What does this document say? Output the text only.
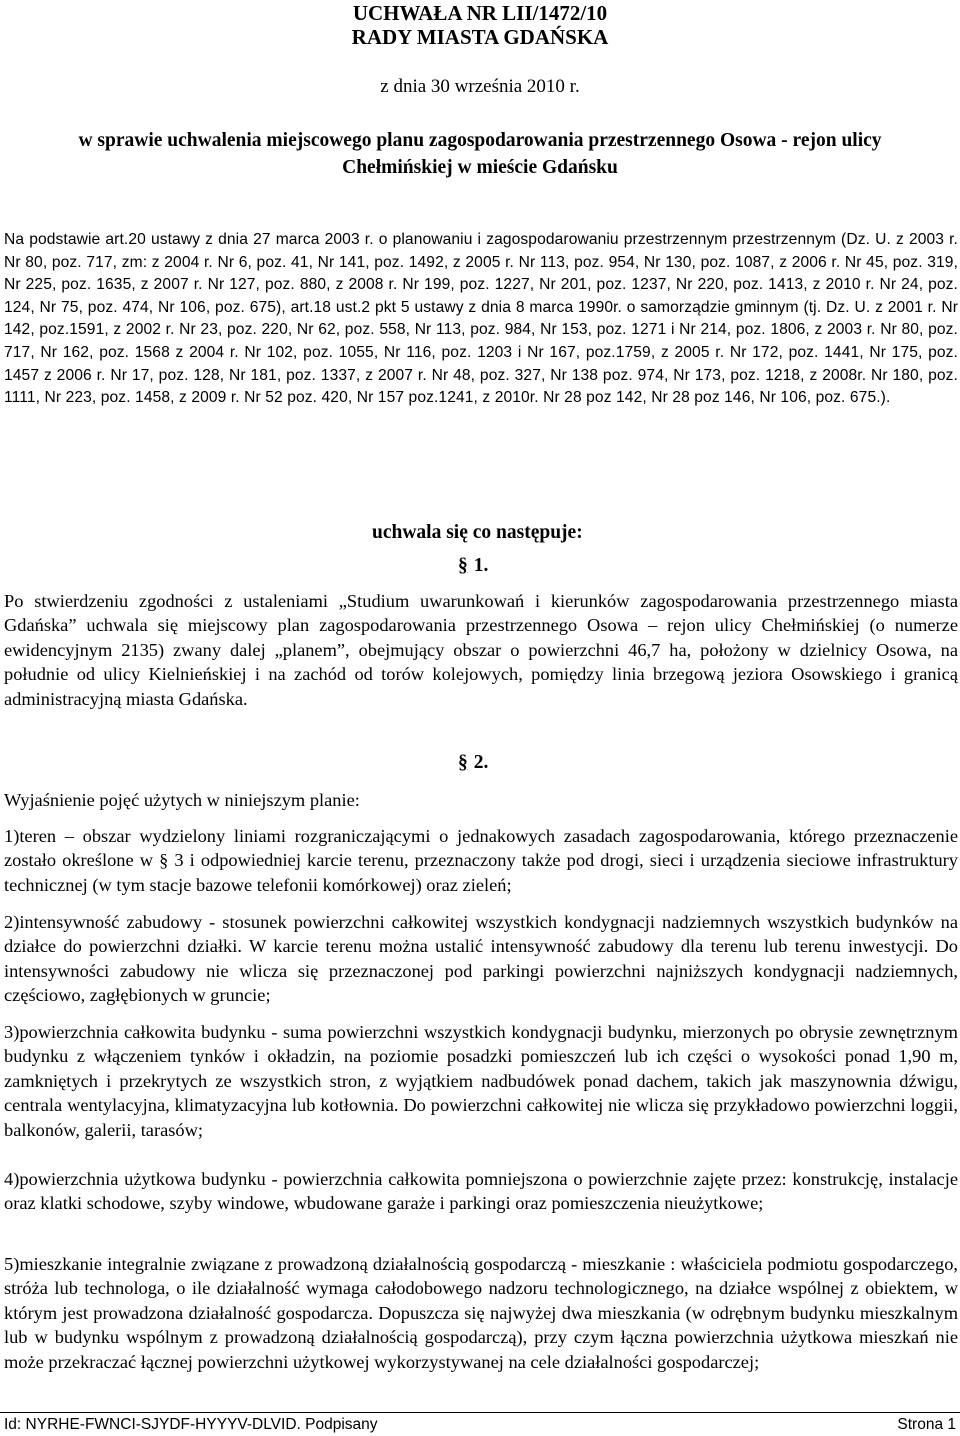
UCHWAŁA NR LII/1472/10
RADY MIASTA GDAŃSKA
z dnia 30 września 2010 r.
w sprawie uchwalenia miejscowego planu zagospodarowania przestrzennego Osowa - rejon ulicy Chełmińskiej w mieście Gdańsku
Na podstawie art.20 ustawy z dnia 27 marca 2003 r. o planowaniu i zagospodarowaniu przestrzennym przestrzennym (Dz. U. z 2003 r. Nr 80, poz. 717, zm: z 2004 r. Nr 6, poz. 41, Nr 141, poz. 1492, z 2005 r. Nr 113, poz. 954, Nr 130, poz. 1087, z 2006 r. Nr 45, poz. 319, Nr 225, poz. 1635, z 2007 r. Nr 127, poz. 880, z 2008 r. Nr 199, poz. 1227, Nr 201, poz. 1237, Nr 220, poz. 1413, z 2010 r. Nr 24, poz. 124, Nr 75, poz. 474, Nr 106, poz. 675), art.18 ust.2 pkt 5 ustawy z dnia 8 marca 1990r. o samorządzie gminnym (tj. Dz. U. z 2001 r. Nr 142, poz.1591, z 2002 r. Nr 23, poz. 220, Nr 62, poz. 558, Nr 113, poz. 984, Nr 153, poz. 1271 i Nr 214, poz. 1806, z 2003 r. Nr 80, poz. 717, Nr 162, poz. 1568 z 2004 r. Nr 102, poz. 1055, Nr 116, poz. 1203 i Nr 167, poz.1759, z 2005 r. Nr 172, poz. 1441, Nr 175, poz. 1457 z 2006 r. Nr 17, poz. 128, Nr 181, poz. 1337, z 2007 r. Nr 48, poz. 327, Nr 138 poz. 974, Nr 173, poz. 1218, z 2008r. Nr 180, poz. 1111, Nr 223, poz. 1458, z 2009 r. Nr 52 poz. 420, Nr 157 poz.1241, z 2010r. Nr 28 poz 142, Nr 28 poz 146, Nr 106, poz. 675.).
uchwala się co następuje:
§ 1.
Po stwierdzeniu zgodności z ustaleniami „Studium uwarunkowań i kierunków zagospodarowania przestrzennego miasta Gdańska” uchwala się miejscowy plan zagospodarowania przestrzennego Osowa – rejon ulicy Chełmińskiej (o numerze ewidencyjnym 2135) zwany dalej „planem”, obejmujący obszar o powierzchni 46,7 ha, położony w dzielnicy Osowa, na południe od ulicy Kielnieńskiej i na zachód od torów kolejowych, pomiędzy linia brzegową jeziora Osowskiego i granicą administracyjną miasta Gdańska.
§ 2.
Wyjaśnienie pojęć użytych w niniejszym planie:
1)teren – obszar wydzielony liniami rozgraniczającymi o jednakowych zasadach zagospodarowania, którego przeznaczenie zostało określone w § 3 i odpowiedniej karcie terenu, przeznaczony także pod drogi, sieci i urządzenia sieciowe infrastruktury technicznej (w tym stacje bazowe telefonii komórkowej) oraz zieleń;
2)intensywność zabudowy - stosunek powierzchni całkowitej wszystkich kondygnacji nadziemnych wszystkich budynków na działce do powierzchni działki. W karcie terenu można ustalić intensywność zabudowy dla terenu lub terenu inwestycji. Do intensywności zabudowy nie wlicza się przeznaczonej pod parkingi powierzchni najniższych kondygnacji nadziemnych, częściowo, zagłębionych w gruncie;
3)powierzchnia całkowita budynku - suma powierzchni wszystkich kondygnacji budynku, mierzonych po obrysie zewnętrznym budynku z włączeniem tynków i okładzin, na poziomie posadzki pomieszczeń lub ich części o wysokości ponad 1,90 m, zamkniętych i przekrytych ze wszystkich stron, z wyjątkiem nadbudówek ponad dachem, takich jak maszynownia dźwigu, centrala wentylacyjna, klimatyzacyjna lub kotłownia. Do powierzchni całkowitej nie wlicza się przykładowo powierzchni loggii, balkonów, galerii, tarasów;
4)powierzchnia użytkowa budynku - powierzchnia całkowita pomniejszona o powierzchnie zajęte przez: konstrukcję, instalacje oraz klatki schodowe, szyby windowe, wbudowane garaże i parkingi oraz pomieszczenia nieużytkowe;
5)mieszkanie integralnie związane z prowadzoną działalnością gospodarczą - mieszkanie : właściciela podmiotu gospodarczego, stróża lub technologa, o ile działalność wymaga całodobowego nadzoru technologicznego, na działce wspólnej z obiektem, w którym jest prowadzona działalność gospodarcza. Dopuszcza się najwyżej dwa mieszkania (w odrębnym budynku mieszkalnym lub w budynku wspólnym z prowadzoną działalnością gospodarczą), przy czym łączna powierzchnia użytkowa mieszkań nie może przekraczać łącznej powierzchni użytkowej wykorzystywanej na cele działalności gospodarczej;
Id: NYRHE-FWNCI-SJYDF-HYYYV-DLVID. Podpisany	Strona 1
